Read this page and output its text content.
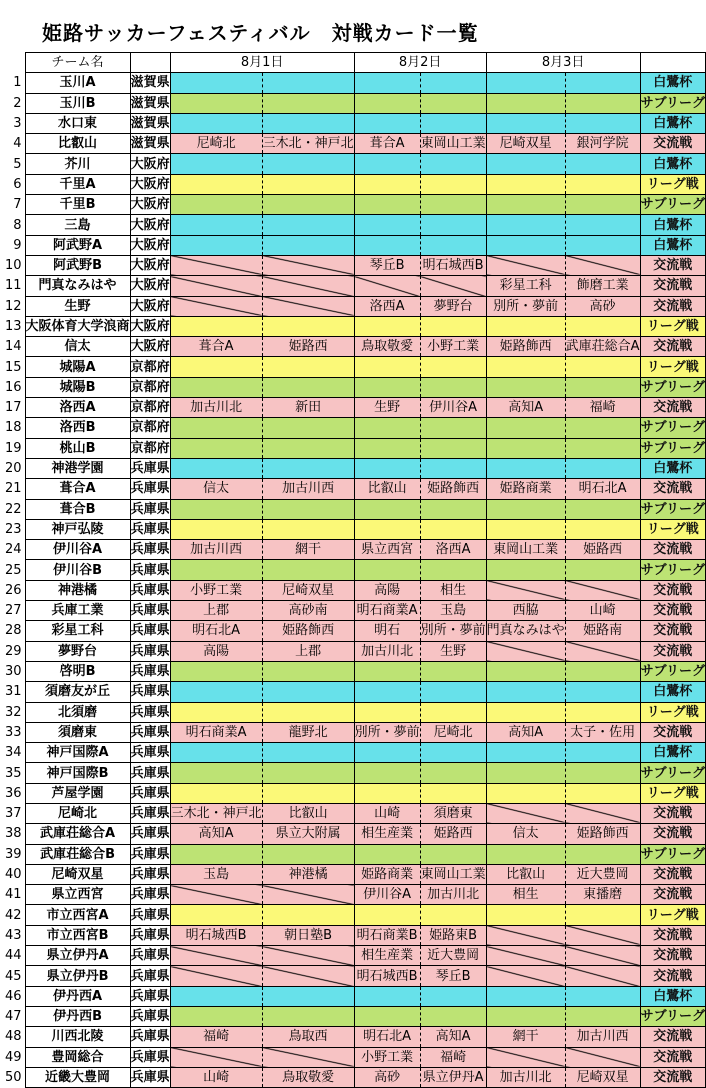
姫路サッカーフェスティバル　対戦カード一覧
	チーム名		8月1日		8月2日		8月3日		
1	玉川A	滋賀県							白鷺杯
2	玉川B	滋賀県							サブリーグ
3	水口東	滋賀県							白鷺杯
4	比叡山	滋賀県	尼崎北	三木北・神戸北	葺合A	東岡山工業	尼崎双星	銀河学院	交流戦
5	芥川	大阪府							白鷺杯
6	千里A	大阪府							リーグ戦
7	千里B	大阪府							サブリーグ
8	三島	大阪府							白鷺杯
9	阿武野A	大阪府							白鷺杯
10	阿武野B	大阪府			琴丘B	明石城西B			交流戦
11	門真なみはや	大阪府					彩星工科	飾磨工業	交流戦
12	生野	大阪府			洛西A	夢野台	別所・夢前	高砂	交流戦
13	大阪体育大学浪商	大阪府							リーグ戦
14	信太	大阪府	葺合A	姫路西	鳥取敬愛	小野工業	姫路飾西	武庫荘総合A	交流戦
15	城陽A	京都府							リーグ戦
16	城陽B	京都府							サブリーグ
17	洛西A	京都府	加古川北	新田	生野	伊川谷A	高知A	福崎	交流戦
18	洛西B	京都府							サブリーグ
19	桃山B	京都府							サブリーグ
20	神港学園	兵庫県							白鷺杯
21	葺合A	兵庫県	信太	加古川西	比叡山	姫路飾西	姫路商業	明石北A	交流戦
22	葺合B	兵庫県							サブリーグ
23	神戸弘陵	兵庫県							リーグ戦
24	伊川谷A	兵庫県	加古川西	網干	県立西宮	洛西A	東岡山工業	姫路西	交流戦
25	伊川谷B	兵庫県							サブリーグ
26	神港橘	兵庫県	小野工業	尼崎双星	高陽	相生			交流戦
27	兵庫工業	兵庫県	上郡	高砂南	明石商業A	玉島	西脇	山崎	交流戦
28	彩星工科	兵庫県	明石北A	姫路飾西	明石	別所・夢前	門真なみはや	姫路南	交流戦
29	夢野台	兵庫県	高陽	上郡	加古川北	生野			交流戦
30	啓明B	兵庫県							サブリーグ
31	須磨友が丘	兵庫県							白鷺杯
32	北須磨	兵庫県							リーグ戦
33	須磨東	兵庫県	明石商業A	龍野北	別所・夢前	尼崎北	高知A	太子・佐用	交流戦
34	神戸国際A	兵庫県							白鷺杯
35	神戸国際B	兵庫県							サブリーグ
36	芦屋学園	兵庫県							リーグ戦
37	尼崎北	兵庫県	三木北・神戸北	比叡山	山崎	須磨東			交流戦
38	武庫荘総合A	兵庫県	高知A	県立大附属	相生産業	姫路西	信太	姫路飾西	交流戦
39	武庫荘総合B	兵庫県							サブリーグ
40	尼崎双星	兵庫県	玉島	神港橘	姫路商業	東岡山工業	比叡山	近大豊岡	交流戦
41	県立西宮	兵庫県			伊川谷A	加古川北	相生	東播磨	交流戦
42	市立西宮A	兵庫県							リーグ戦
43	市立西宮B	兵庫県	明石城西B	朝日塾B	明石商業B	姫路東B			交流戦
44	県立伊丹A	兵庫県			相生産業	近大豊岡			交流戦
45	県立伊丹B	兵庫県			明石城西B	琴丘B			交流戦
46	伊丹西A	兵庫県							白鷺杯
47	伊丹西B	兵庫県							サブリーグ
48	川西北陵	兵庫県	福崎	鳥取西	明石北A	高知A	網干	加古川西	交流戦
49	豊岡総合	兵庫県			小野工業	福崎			交流戦
50	近畿大豊岡	兵庫県	山崎	鳥取敬愛	高砂	県立伊丹A	加古川北	尼崎双星	交流戦
